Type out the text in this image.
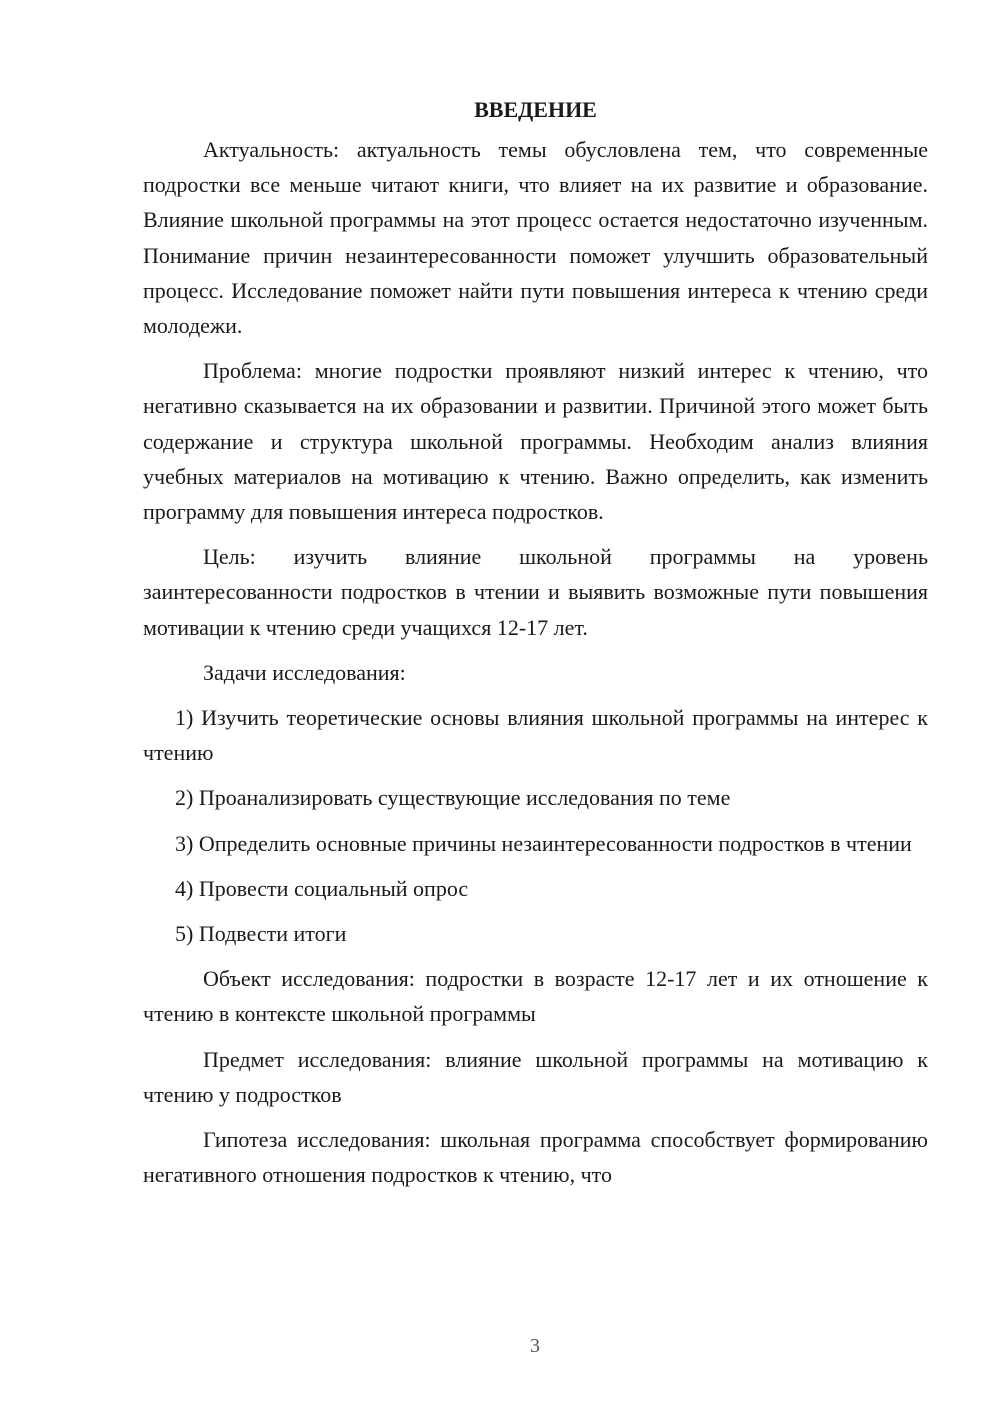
ВВЕДЕНИЕ

Актуальность: актуальность темы обусловлена тем, что современные подростки все меньше читают книги, что влияет на их развитие и образование. Влияние школьной программы на этот процесс остается недостаточно изученным. Понимание причин незаинтересованности поможет улучшить образовательный процесс. Исследование поможет найти пути повышения интереса к чтению среди молодежи.

Проблема: многие подростки проявляют низкий интерес к чтению, что негативно сказывается на их образовании и развитии. Причиной этого может быть содержание и структура школьной программы. Необходим анализ влияния учебных материалов на мотивацию к чтению. Важно определить, как изменить программу для повышения интереса подростков.

Цель: изучить влияние школьной программы на уровень заинтересованности подростков в чтении и выявить возможные пути повышения мотивации к чтению среди учащихся 12-17 лет.

Задачи исследования:

1) Изучить теоретические основы влияния школьной программы на интерес к чтению

2) Проанализировать существующие исследования по теме

3) Определить основные причины незаинтересованности подростков в чтении

4) Провести социальный опрос

5) Подвести итоги

Объект исследования: подростки в возрасте 12-17 лет и их отношение к чтению в контексте школьной программы

Предмет исследования: влияние школьной программы на мотивацию к чтению у подростков

Гипотеза исследования: школьная программа способствует формированию негативного отношения подростков к чтению, что

3
